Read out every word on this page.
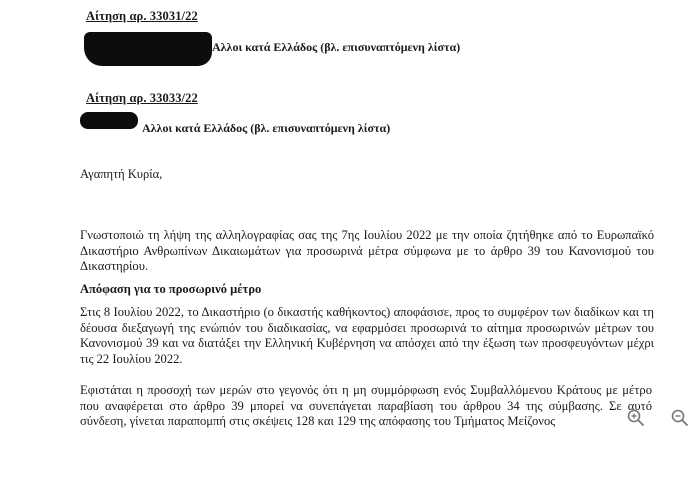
Αίτηση αρ. 33031/22
Αλλοι κατά Ελλάδος (βλ. επισυναπτόμενη λίστα)
Αίτηση αρ. 33033/22
Αλλοι κατά Ελλάδος (βλ. επισυναπτόμενη λίστα)
Αγαπητή Κυρία,
Γνωστοποιώ τη λήψη της αλληλογραφίας σας της 7ης Ιουλίου 2022 με την οποία ζητήθηκε από το Ευρωπαϊκό Δικαστήριο Ανθρωπίνων Δικαιωμάτων για προσωρινά μέτρα σύμφωνα με το άρθρο 39 του Κανονισμού του Δικαστηρίου.
Απόφαση για το προσωρινό μέτρο
Στις 8 Ιουλίου 2022, το Δικαστήριο (ο δικαστής καθήκοντος) αποφάσισε, προς το συμφέρον των διαδίκων και τη δέουσα διεξαγωγή της ενώπιόν του διαδικασίας, να εφαρμόσει προσωρινά το αίτημα προσωρινών μέτρων του Κανονισμού 39 και να διατάξει την Ελληνική Κυβέρνηση να απόσχει από την έξωση των προσφευγόντων μέχρι τις 22 Ιουλίου 2022.
Εφιστάται η προσοχή των μερών στο γεγονός ότι η μη συμμόρφωση ενός Συμβαλλόμενου Κράτους με μέτρο που αναφέρεται στο άρθρο 39 μπορεί να συνεπάγεται παραβίαση του άρθρου 34 της σύμβασης. Σε αυτό σύνδεση, γίνεται παραπομπή στις σκέψεις 128 και 129 της απόφασης του Τμήματος Μείζονος
